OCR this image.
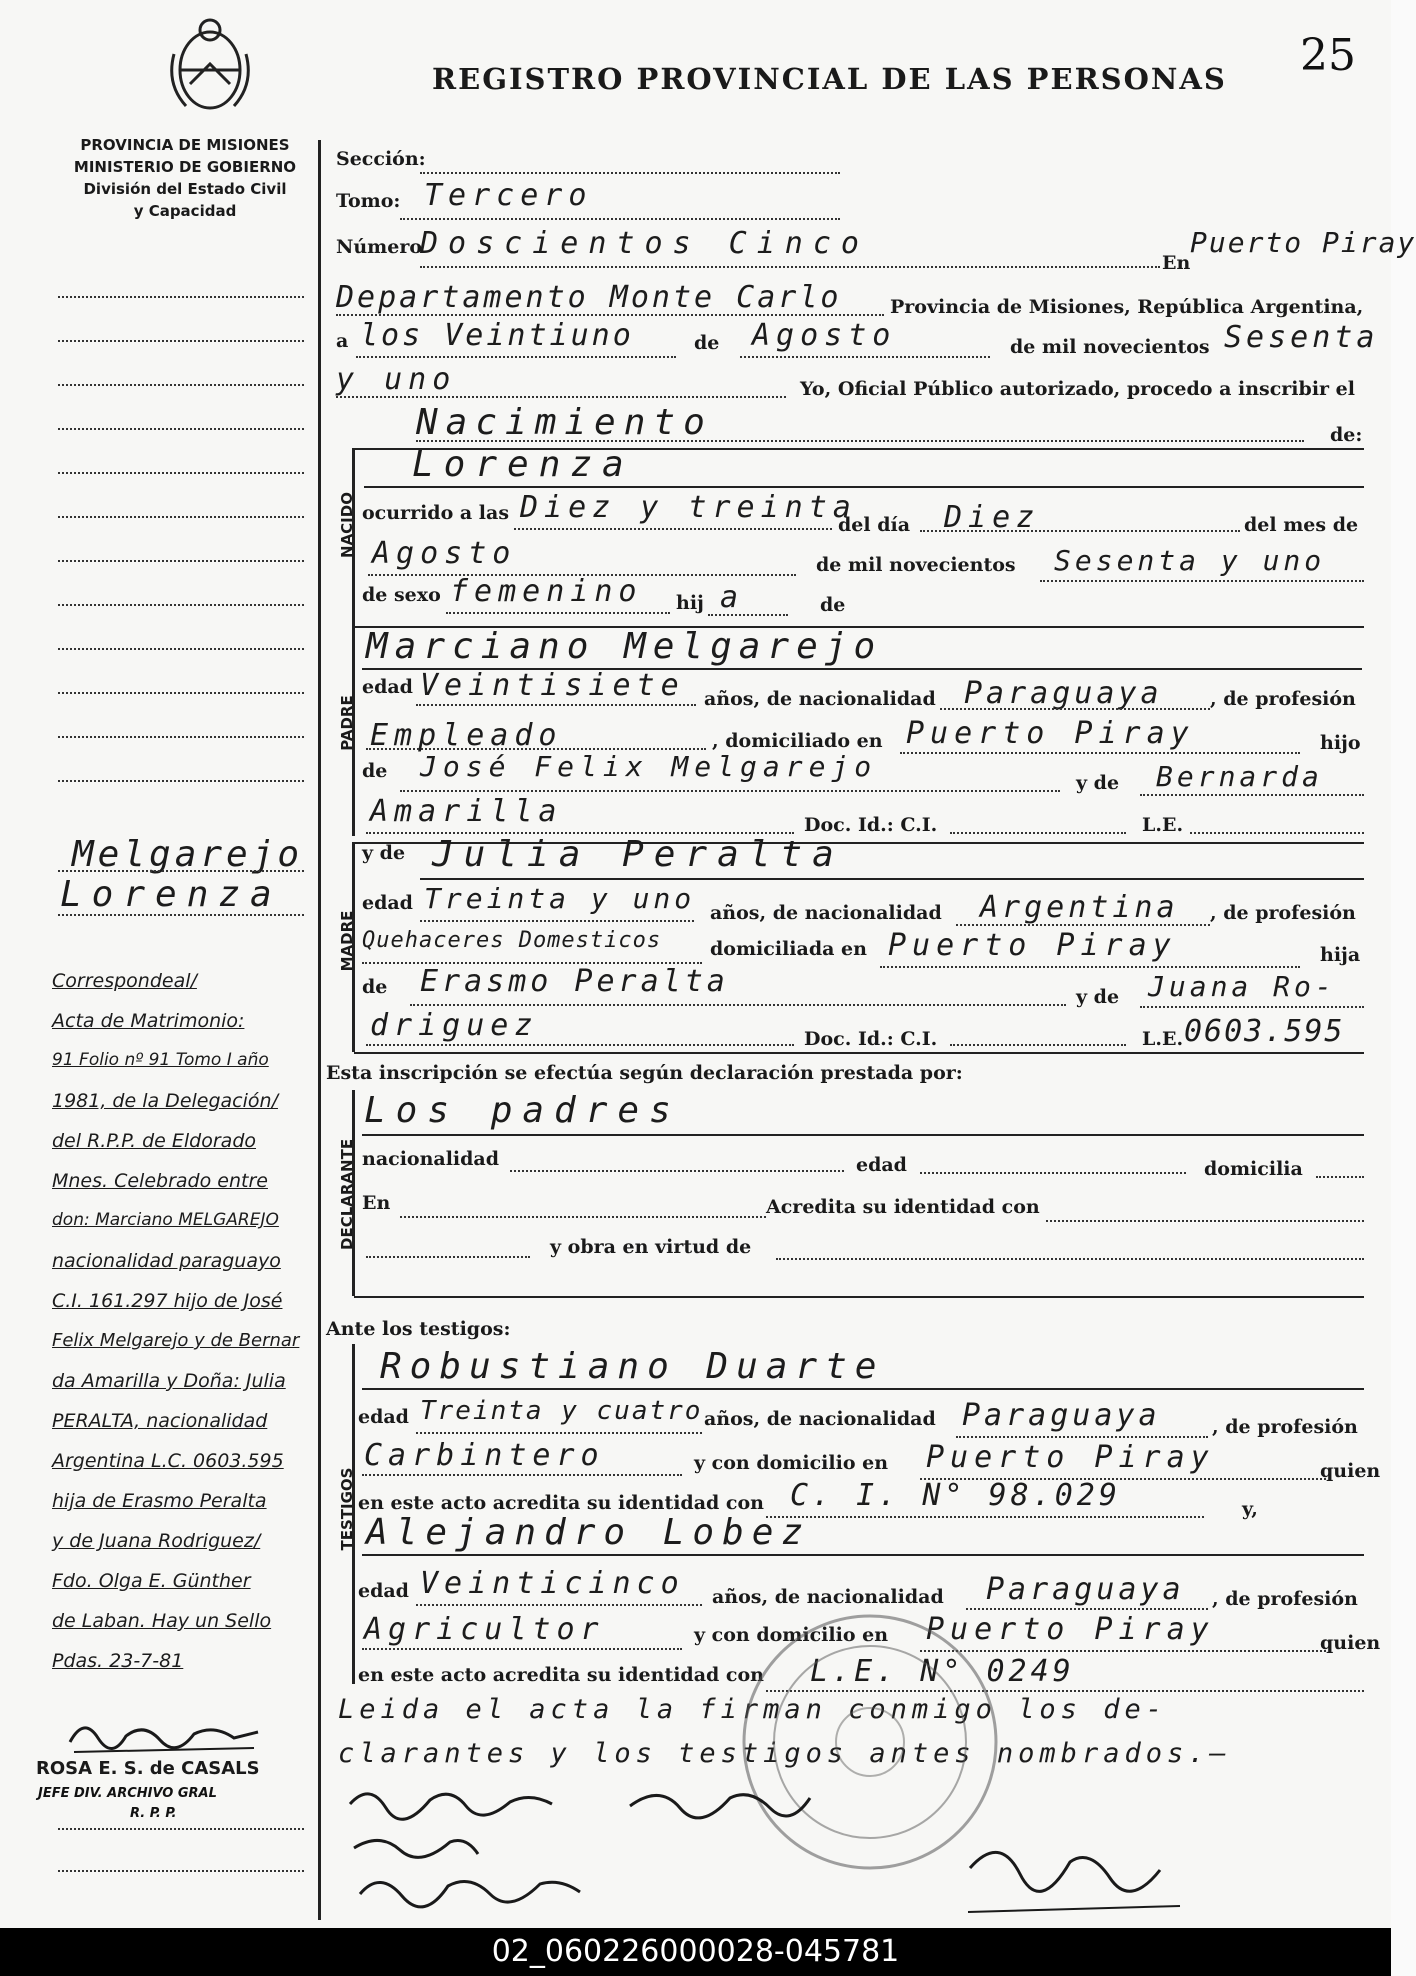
REGISTRO PROVINCIAL DE LAS PERSONAS 25
PROVINCIA DE MISIONES
MINISTERIO DE GOBIERNO
División del Estado Civil
y Capacidad
Melgarejo
Lorenza
Correspondeal/
Acta de Matrimonio:
91 Folio nº 91 Tomo I año
1981, de la Delegación/
del R.P.P. de Eldorado
Mnes. Celebrado entre
don: Marciano MELGAREJO
nacionalidad paraguayo
C.I. 161.297 hijo de José
Felix Melgarejo y de Bernar
da Amarilla y Doña: Julia
PERALTA, nacionalidad
Argentina L.C. 0603.595
hija de Erasmo Peralta
y de Juana Rodriguez/
Fdo. Olga E. Günther
de Laban. Hay un Sello
Pdas. 23-7-81
ROSA E. S. de CASALS
JEFE DIV. ARCHIVO GRAL
R. P. P.
Sección:
Tomo: Tercero
Número
Doscientos Cinco
En
Puerto Piray
Departamento Monte Carlo	Provincia de Misiones, República Argentina,
a los Veintiuno	de Agosto	de mil novecientos Sesenta
y uno	Yo, Oficial Público autorizado, procedo a inscribir el
Nacimiento	de:
NACIDO
Lorenza
ocurrido a las Diez y treinta
del día Diez	del mes de
Agosto	de mil novecientos Sesenta y uno
de sexo femenino hij a	de
PADRE
Marciano Melgarejo
edad Veintisiete años, de nacionalidad Paraguaya , de profesión
Empleado	, domiciliado en Puerto Piray	hijo
de José Felix Melgarejo	y de Bernarda
Amarilla	Doc. Id.: C.I.	L.E.
MADRE
y de Julia Peralta
edad Treinta y uno años, de nacionalidad Argentina , de profesión
Quehaceres Domesticos	domiciliada en Puerto Piray	hija
de Erasmo Peralta	y de Juana Ro-
driguez	Doc. Id.: C.I.	L.E. 0603.595
Esta inscripción se efectúa según declaración prestada por:
DECLARANTE
Los padres
nacionalidad	edad	domicilia
En	Acredita su identidad con
y obra en virtud de
Ante los testigos:
TESTIGOS
Robustiano Duarte
edad Treinta y cuatro años, de nacionalidad Paraguaya	, de profesión
Carbintero	y con domicilio en Puerto Piray	quien
en este acto acredita su identidad con C. I. N° 98.029	y,
Alejandro Lobez
edad Veinticinco años, de nacionalidad Paraguaya , de profesión
Agricultor	y con domicilio en Puerto Piray	quien
en este acto acredita su identidad con L.E. N° 0249
Leida el acta la firman conmigo los de-
clarantes y los testigos antes nombrados.—
02_060226000028-045781
